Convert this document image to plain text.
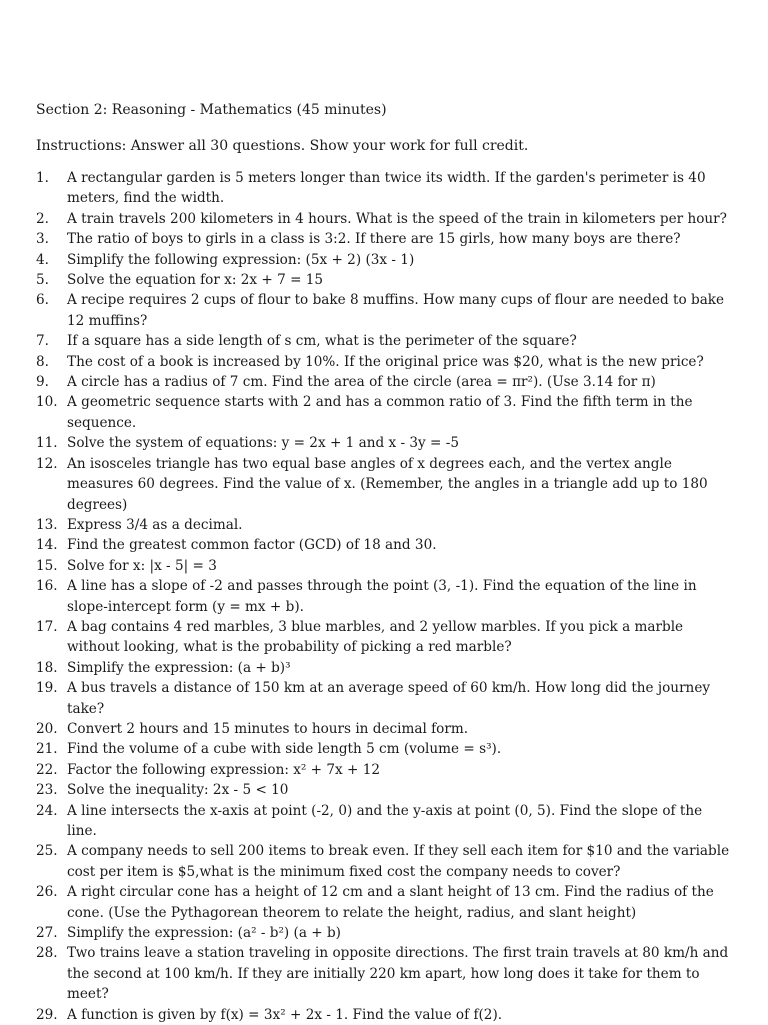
Section 2: Reasoning - Mathematics (45 minutes)
Instructions: Answer all 30 questions. Show your work for full credit.
1.	A rectangular garden is 5 meters longer than twice its width. If the garden's perimeter is 40 meters, find the width.
2.	A train travels 200 kilometers in 4 hours. What is the speed of the train in kilometers per hour?
3.	The ratio of boys to girls in a class is 3:2. If there are 15 girls, how many boys are there?
4.	Simplify the following expression: (5x + 2) (3x - 1)
5.	Solve the equation for x: 2x + 7 = 15
6.	A recipe requires 2 cups of flour to bake 8 muffins. How many cups of flour are needed to bake 12 muffins?
7.	If a square has a side length of s cm, what is the perimeter of the square?
8.	The cost of a book is increased by 10%. If the original price was $20, what is the new price?
9.	A circle has a radius of 7 cm. Find the area of the circle (area = πr²). (Use 3.14 for π)
10. A geometric sequence starts with 2 and has a common ratio of 3. Find the fifth term in the sequence.
11. Solve the system of equations: y = 2x + 1 and x - 3y = -5
12. An isosceles triangle has two equal base angles of x degrees each, and the vertex angle measures 60 degrees. Find the value of x. (Remember, the angles in a triangle add up to 180 degrees)
13. Express 3/4 as a decimal.
14. Find the greatest common factor (GCD) of 18 and 30.
15. Solve for x: |x - 5| = 3
16. A line has a slope of -2 and passes through the point (3, -1). Find the equation of the line in slope-intercept form (y = mx + b).
17. A bag contains 4 red marbles, 3 blue marbles, and 2 yellow marbles. If you pick a marble without looking, what is the probability of picking a red marble?
18. Simplify the expression: (a + b)³
19. A bus travels a distance of 150 km at an average speed of 60 km/h. How long did the journey take?
20. Convert 2 hours and 15 minutes to hours in decimal form.
21. Find the volume of a cube with side length 5 cm (volume = s³).
22. Factor the following expression: x² + 7x + 12
23. Solve the inequality: 2x - 5 < 10
24. A line intersects the x-axis at point (-2, 0) and the y-axis at point (0, 5). Find the slope of the line.
25. A company needs to sell 200 items to break even. If they sell each item for $10 and the variable cost per item is $5,what is the minimum fixed cost the company needs to cover?
26. A right circular cone has a height of 12 cm and a slant height of 13 cm. Find the radius of the cone. (Use the Pythagorean theorem to relate the height, radius, and slant height)
27. Simplify the expression: (a² - b²) (a + b)
28. Two trains leave a station traveling in opposite directions. The first train travels at 80 km/h and the second at 100 km/h. If they are initially 220 km apart, how long does it take for them to meet?
29. A function is given by f(x) = 3x² + 2x - 1. Find the value of f(2).
